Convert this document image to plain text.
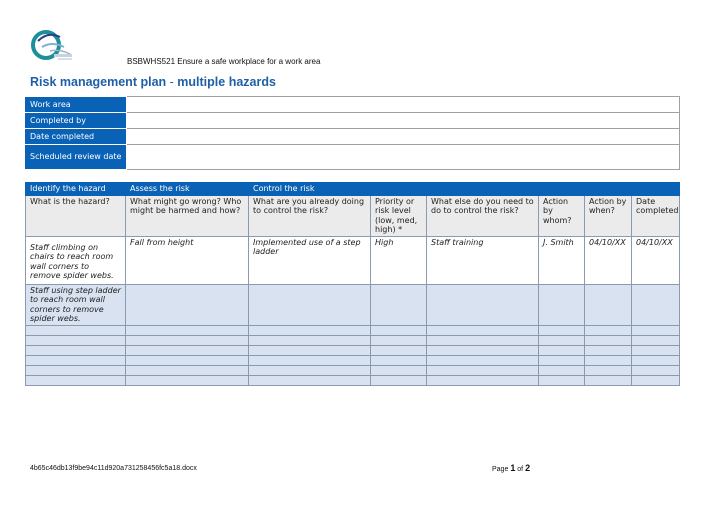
BSBWHS521 Ensure a safe workplace for a work area
Risk management plan - multiple hazards
Work area	
Completed by	
Date completed	
Scheduled review date	
Identify the hazard	Assess the risk	Control the risk					
What is the hazard?	What might go wrong? Who might be harmed and how?	What are you already doing to control the risk?	Priority or risk level (low, med, high) *	What else do you need to do to control the risk?	Action by whom?	Action by when?	Date completed
Staff climbing on chairs to reach room wall corners to remove spider webs.	Fall from height	Implemented use of a step ladder	High	Staff training	J. Smith	04/10/XX	04/10/XX
Staff using step ladder to reach room wall corners to remove spider webs.							

4b65c46db13f9be94c11d920a731258456fc5a18.docx	Page 1 of 2
